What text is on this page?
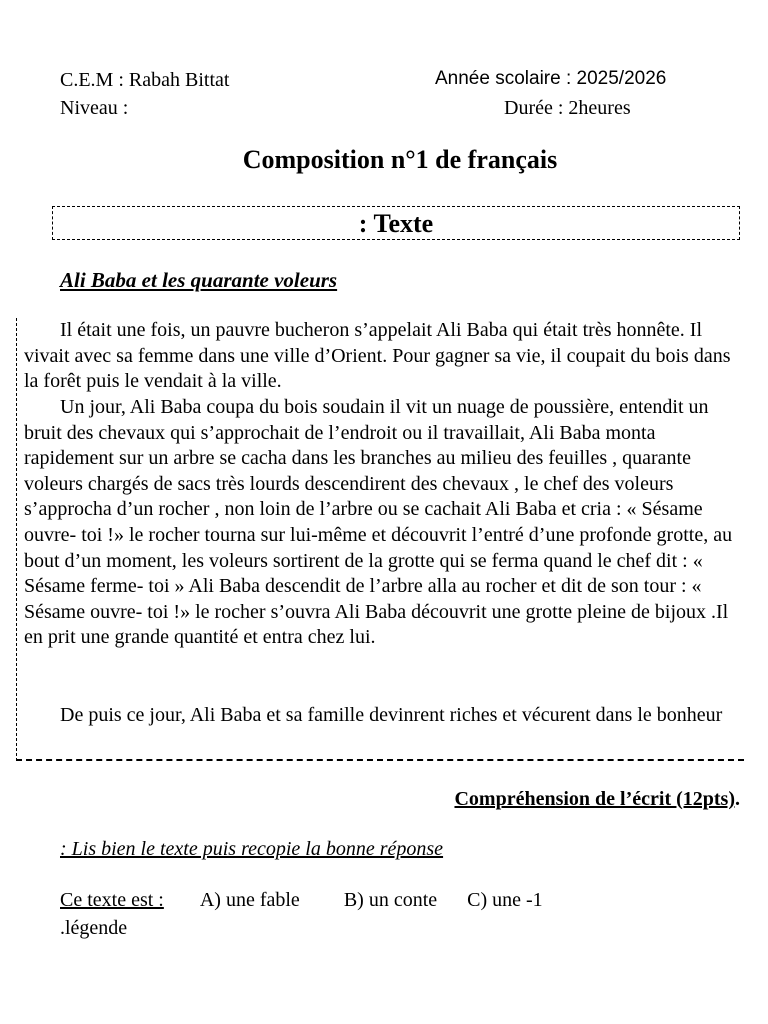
C.E.M : Rabah Bittat	Année scolaire : 2025/2026
Niveau :	Durée : 2heures
Composition n°1 de français
: Texte
Ali Baba et les quarante voleurs

Il était une fois, un pauvre bucheron s’appelait Ali Baba qui était très honnête. Il vivait avec sa femme dans une ville d’Orient. Pour gagner sa vie, il coupait du bois dans la forêt puis le vendait à la ville.

Un jour, Ali Baba coupa du bois soudain il vit un nuage de poussière, entendit un bruit des chevaux qui s’approchait de l’endroit ou il travaillait, Ali Baba monta rapidement sur un arbre se cacha dans les branches au milieu des feuilles , quarante voleurs chargés de sacs très lourds descendirent des chevaux , le chef des voleurs s’approcha d’un rocher , non loin de l’arbre ou se cachait Ali Baba et cria : « Sésame ouvre- toi !» le rocher tourna sur lui-même et découvrit l’entré d’une profonde grotte, au bout d’un moment, les voleurs sortirent de la grotte qui se ferma quand le chef dit : « Sésame ferme- toi » Ali Baba descendit de l’arbre alla au rocher et dit de son tour : « Sésame ouvre- toi !» le rocher s’ouvra Ali Baba découvrit une grotte pleine de bijoux .Il en prit une grande quantité et entra chez lui.

De puis ce jour, Ali Baba et sa famille devinrent riches et vécurent dans le bonheur

Compréhension de l’écrit (12pts).
: Lis bien le texte puis recopie la bonne réponse
Ce texte est : A) une fable B) un conte C) une -1
.légende
